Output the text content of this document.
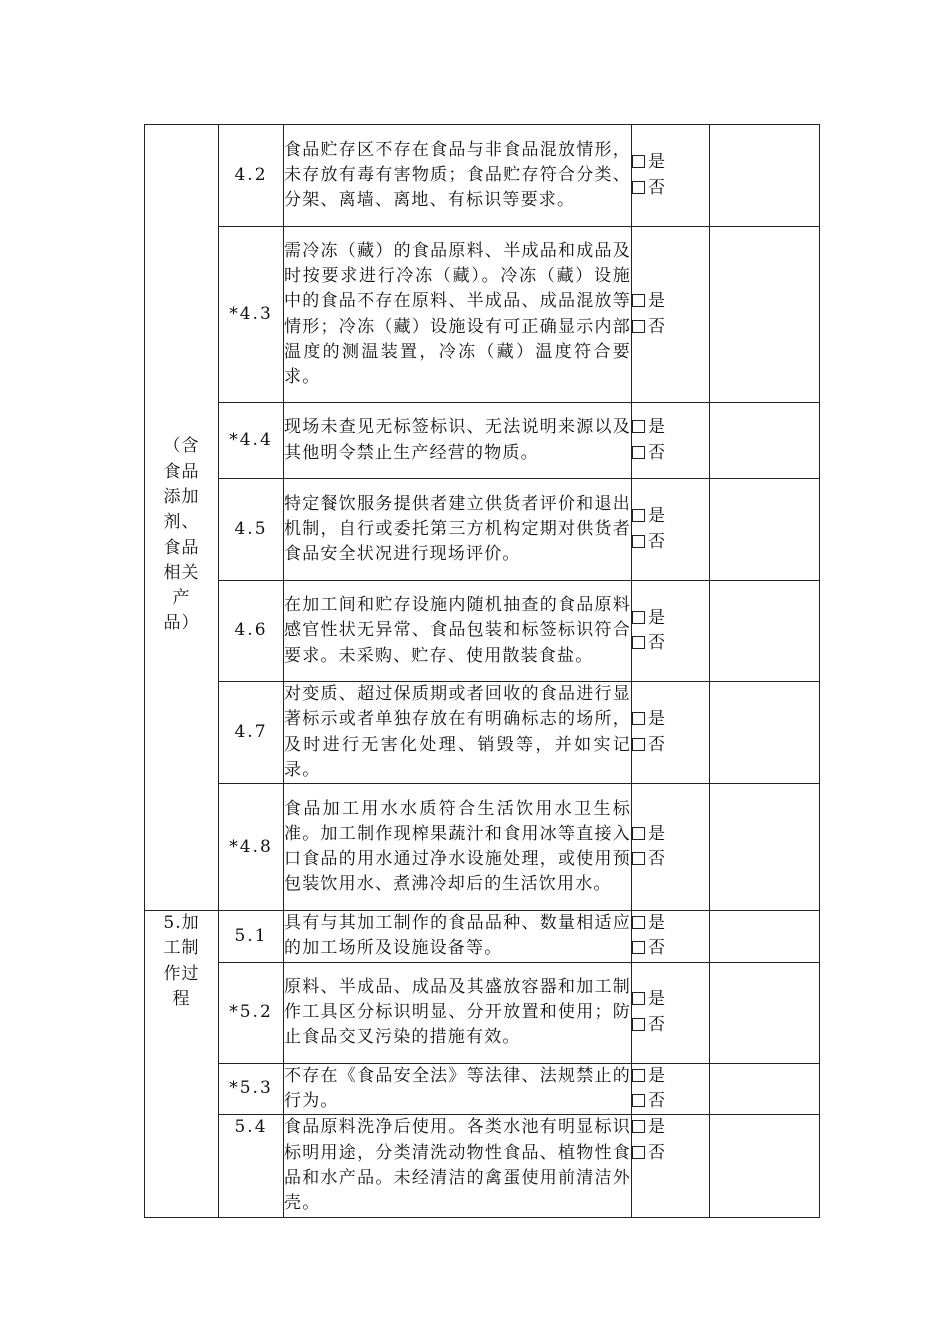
（含食品添加剂、食品相关产品）	4.2	食品贮存区不存在食品与非食品混放情形，未存放有毒有害物质；食品贮存符合分类、分架、离墙、离地、有标识等要求。	是
否	

	*4.3	需冷冻（藏）的食品原料、半成品和成品及时按要求进行冷冻（藏）。冷冻（藏）设施中的食品不存在原料、半成品、成品混放等情形；冷冻（藏）设施设有可正确显示内部温度的测温装置，冷冻（藏）温度符合要求。	是
否	

	*4.4	现场未查见无标签标识、无法说明来源以及其他明令禁止生产经营的物质。	是
否	

	4.5	特定餐饮服务提供者建立供货者评价和退出机制，自行或委托第三方机构定期对供货者食品安全状况进行现场评价。	是
否	

	4.6	在加工间和贮存设施内随机抽查的食品原料感官性状无异常、食品包装和标签标识符合要求。未采购、贮存、使用散装食盐。	是
否	

	4.7	对变质、超过保质期或者回收的食品进行显著标示或者单独存放在有明确标志的场所，及时进行无害化处理、销毁等，并如实记录。	是
否	

	*4.8	食品加工用水水质符合生活饮用水卫生标准。加工制作现榨果蔬汁和食用冰等直接入口食品的用水通过净水设施处理，或使用预包装饮用水、煮沸冷却后的生活饮用水。	是
否	

5.加工制作过程	5.1	具有与其加工制作的食品品种、数量相适应的加工场所及设施设备等。	是
否	

	*5.2	原料、半成品、成品及其盛放容器和加工制作工具区分标识明显、分开放置和使用；防止食品交叉污染的措施有效。	是
否	

	*5.3	不存在《食品安全法》等法律、法规禁止的行为。	是
否	

	5.4	食品原料洗净后使用。各类水池有明显标识标明用途，分类清洗动物性食品、植物性食品和水产品。未经清洁的禽蛋使用前清洁外壳。	是
否	
